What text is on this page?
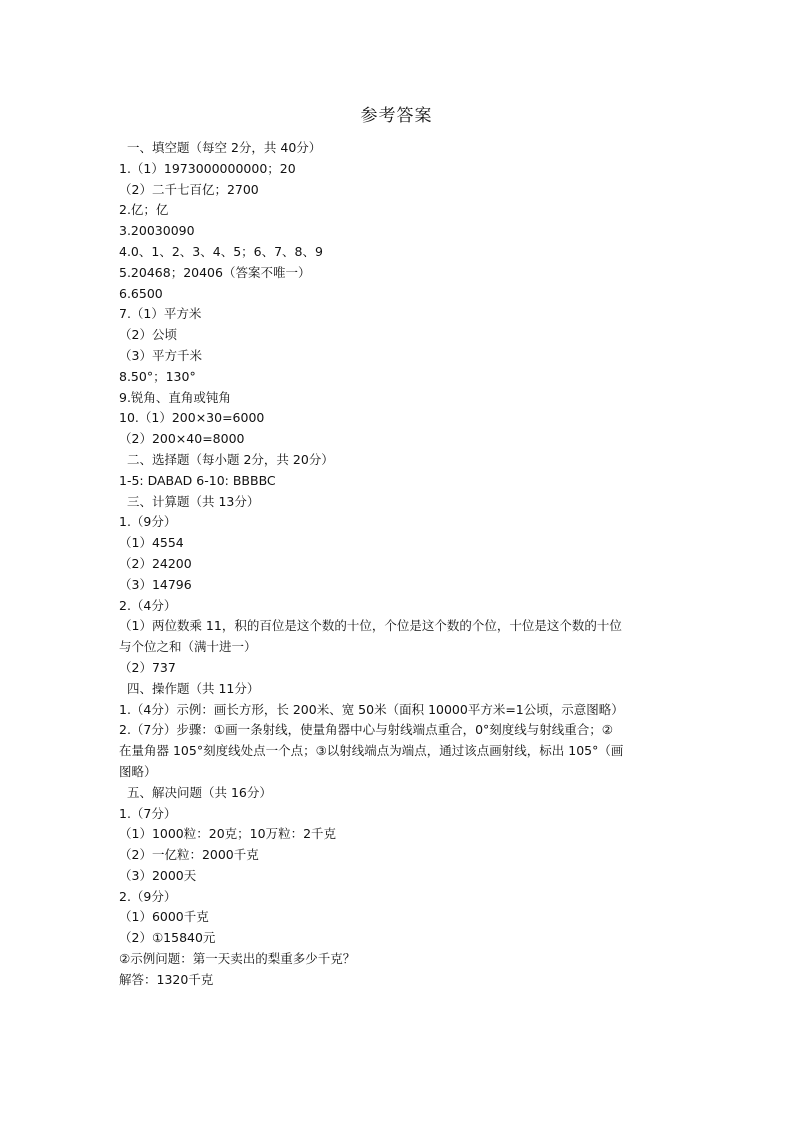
参考答案
一、填空题（每空 2分，共 40分）
1.（1）1973000000000；20
（2）二千七百亿；2700
2.亿；亿
3.20030090
4.0、1、2、3、4、5；6、7、8、9
5.20468；20406（答案不唯一）
6.6500
7.（1）平方米
（2）公顷
（3）平方千米
8.50°；130°
9.锐角、直角或钝角
10.（1）200×30=6000
（2）200×40=8000
二、选择题（每小题 2分，共 20分）
1-5: DABAD 6-10: BBBBC
三、计算题（共 13分）
1.（9分）
（1）4554
（2）24200
（3）14796
2.（4分）
（1）两位数乘 11，积的百位是这个数的十位，个位是这个数的个位，十位是这个数的十位
与个位之和（满十进一）
（2）737
四、操作题（共 11分）
1.（4分）示例：画长方形，长 200米、宽 50米（面积 10000平方米=1公顷，示意图略）
2.（7分）步骤：①画一条射线，使量角器中心与射线端点重合，0°刻度线与射线重合；②
在量角器 105°刻度线处点一个点；③以射线端点为端点，通过该点画射线，标出 105°（画
图略）
五、解决问题（共 16分）
1.（7分）
（1）1000粒：20克；10万粒：2千克
（2）一亿粒：2000千克
（3）2000天
2.（9分）
（1）6000千克
（2）①15840元
②示例问题：第一天卖出的梨重多少千克？
解答：1320千克
